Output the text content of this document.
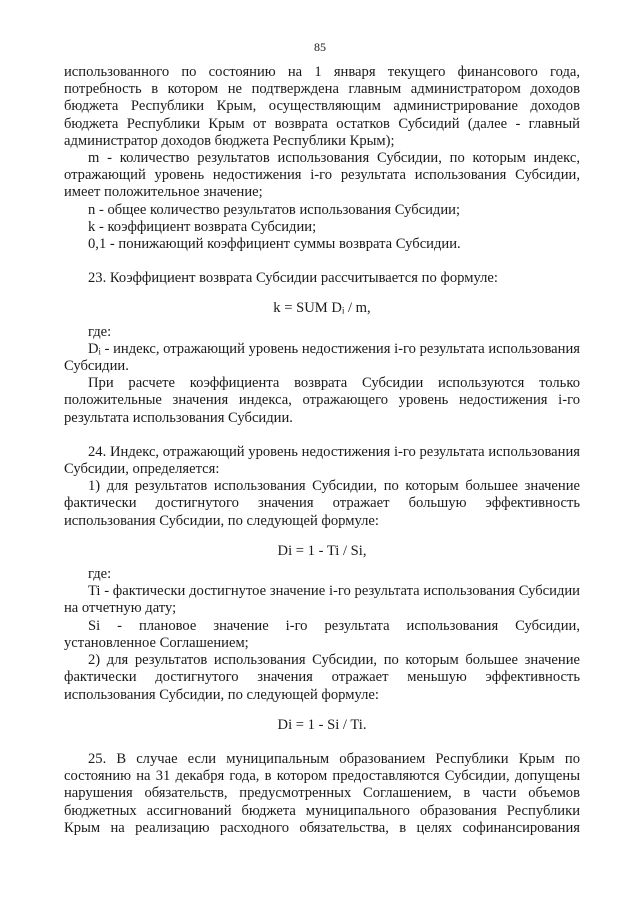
85

использованного по состоянию на 1 января текущего финансового года, потребность в котором не подтверждена главным администратором доходов бюджета Республики Крым, осуществляющим администрирование доходов бюджета Республики Крым от возврата остатков Субсидий (далее - главный администратор доходов бюджета Республики Крым);

m - количество результатов использования Субсидии, по которым индекс, отражающий уровень недостижения i-го результата использования Субсидии, имеет положительное значение;

n - общее количество результатов использования Субсидии;

k - коэффициент возврата Субсидии;

0,1 - понижающий коэффициент суммы возврата Субсидии.

23. Коэффициент возврата Субсидии рассчитывается по формуле:

k = SUM Dᵢ / m,

где:

Dᵢ - индекс, отражающий уровень недостижения i-го результата использования Субсидии.

При расчете коэффициента возврата Субсидии используются только положительные значения индекса, отражающего уровень недостижения i-го результата использования Субсидии.

24. Индекс, отражающий уровень недостижения i-го результата использования Субсидии, определяется:

1) для результатов использования Субсидии, по которым большее значение фактически достигнутого значения отражает большую эффективность использования Субсидии, по следующей формуле:

Di = 1 - Ti / Si,

где:

Ti - фактически достигнутое значение i-го результата использования Субсидии на отчетную дату;

Si - плановое значение i-го результата использования Субсидии, установленное Соглашением;

2) для результатов использования Субсидии, по которым большее значение фактически достигнутого значения отражает меньшую эффективность использования Субсидии, по следующей формуле:

Di = 1 - Si / Ti.

25. В случае если муниципальным образованием Республики Крым по состоянию на 31 декабря года, в котором предоставляются Субсидии, допущены нарушения обязательств, предусмотренных Соглашением, в части объемов бюджетных ассигнований бюджета муниципального образования Республики Крым на реализацию расходного обязательства, в целях софинансирования
